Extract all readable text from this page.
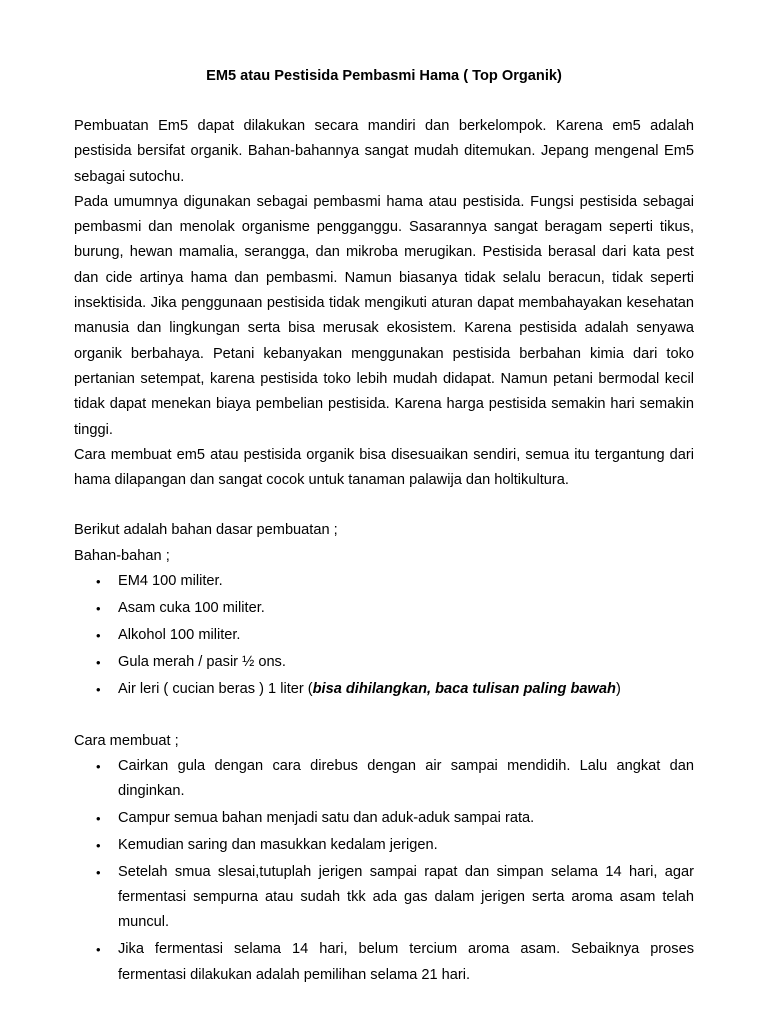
EM5 atau Pestisida Pembasmi Hama ( Top Organik)

Pembuatan Em5 dapat dilakukan secara mandiri dan berkelompok. Karena em5 adalah pestisida bersifat organik. Bahan-bahannya sangat mudah ditemukan. Jepang mengenal Em5 sebagai sutochu.

Pada umumnya digunakan sebagai pembasmi hama atau pestisida. Fungsi pestisida sebagai pembasmi dan menolak organisme pengganggu. Sasarannya sangat beragam seperti tikus, burung, hewan mamalia, serangga, dan mikroba merugikan. Pestisida berasal dari kata pest dan cide artinya hama dan pembasmi. Namun biasanya tidak selalu beracun, tidak seperti insektisida. Jika penggunaan pestisida tidak mengikuti aturan dapat membahayakan kesehatan manusia dan lingkungan serta bisa merusak ekosistem. Karena pestisida adalah senyawa organik berbahaya. Petani kebanyakan menggunakan pestisida berbahan kimia dari toko pertanian setempat, karena pestisida toko lebih mudah didapat. Namun petani bermodal kecil tidak dapat menekan biaya pembelian pestisida. Karena harga pestisida semakin hari semakin tinggi.

Cara membuat em5 atau pestisida organik bisa disesuaikan sendiri, semua itu tergantung dari hama dilapangan dan sangat cocok untuk tanaman palawija dan holtikultura.

Berikut adalah bahan dasar pembuatan ;

Bahan-bahan ;

• EM4 100 militer.
• Asam cuka 100 militer.
• Alkohol 100 militer.
• Gula merah / pasir ½ ons.
• Air leri ( cucian beras ) 1 liter (bisa dihilangkan, baca tulisan paling bawah)

Cara membuat ;

• Cairkan gula dengan cara direbus dengan air sampai mendidih. Lalu angkat dan dinginkan.
• Campur semua bahan menjadi satu dan aduk-aduk sampai rata.
• Kemudian saring dan masukkan kedalam jerigen.
• Setelah smua slesai,tutuplah jerigen sampai rapat dan simpan selama 14 hari, agar fermentasi sempurna atau sudah tkk ada gas dalam jerigen serta aroma asam telah muncul.
• Jika fermentasi selama 14 hari, belum tercium aroma asam. Sebaiknya proses fermentasi dilakukan adalah pemilihan selama 21 hari.
